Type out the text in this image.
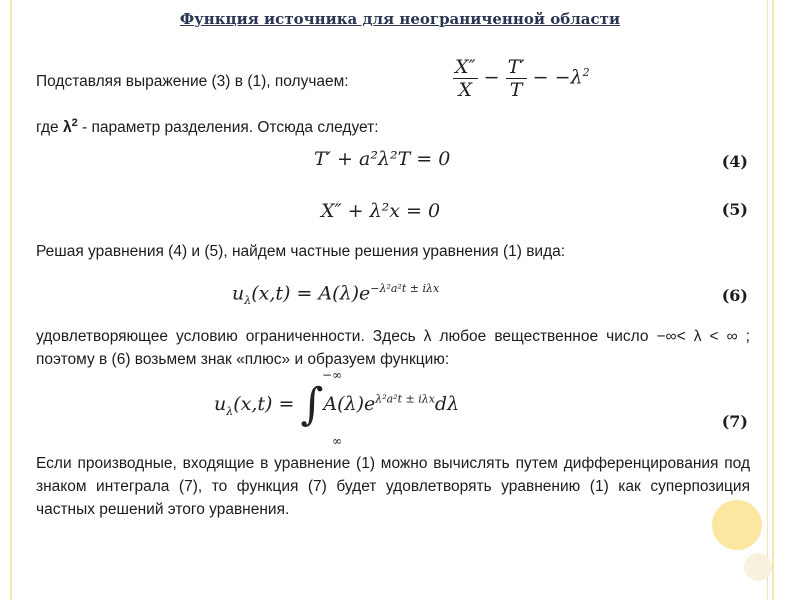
Функция источника для неограниченной области
Подставляя выражение (3) в (1), получаем:	$\frac{X''}{X} - \frac{T'}{T} - -\lambda^2$
где $\lambda^2$ - параметр разделения. Отсюда следует:
T′ + a²λ²T = 0	(4)
X″ + λ²x = 0	(5)
Решая уравнения (4) и (5), найдем частные решения уравнения (1) вида:
$u_\lambda(x,t) = A(\lambda)e^{-\lambda^2a^2t \pm i\lambda x}$	(6)
удовлетворяющее условию ограниченности. Здесь λ любое вещественное число −∞< λ < ∞ ; поэтому в (6) возьмем знак «плюс» и образуем функцию:
−∞
$u_\lambda(x,t) = \int A(\lambda)e^{\lambda^2a^2t \pm i\lambda x}d\lambda$
∞
(7)
Если производные, входящие в уравнение (1) можно вычислять путем дифференцирования под знаком интеграла (7), то функция (7) будет удовлетворять уравнению (1) как суперпозиция частных решений этого уравнения.
